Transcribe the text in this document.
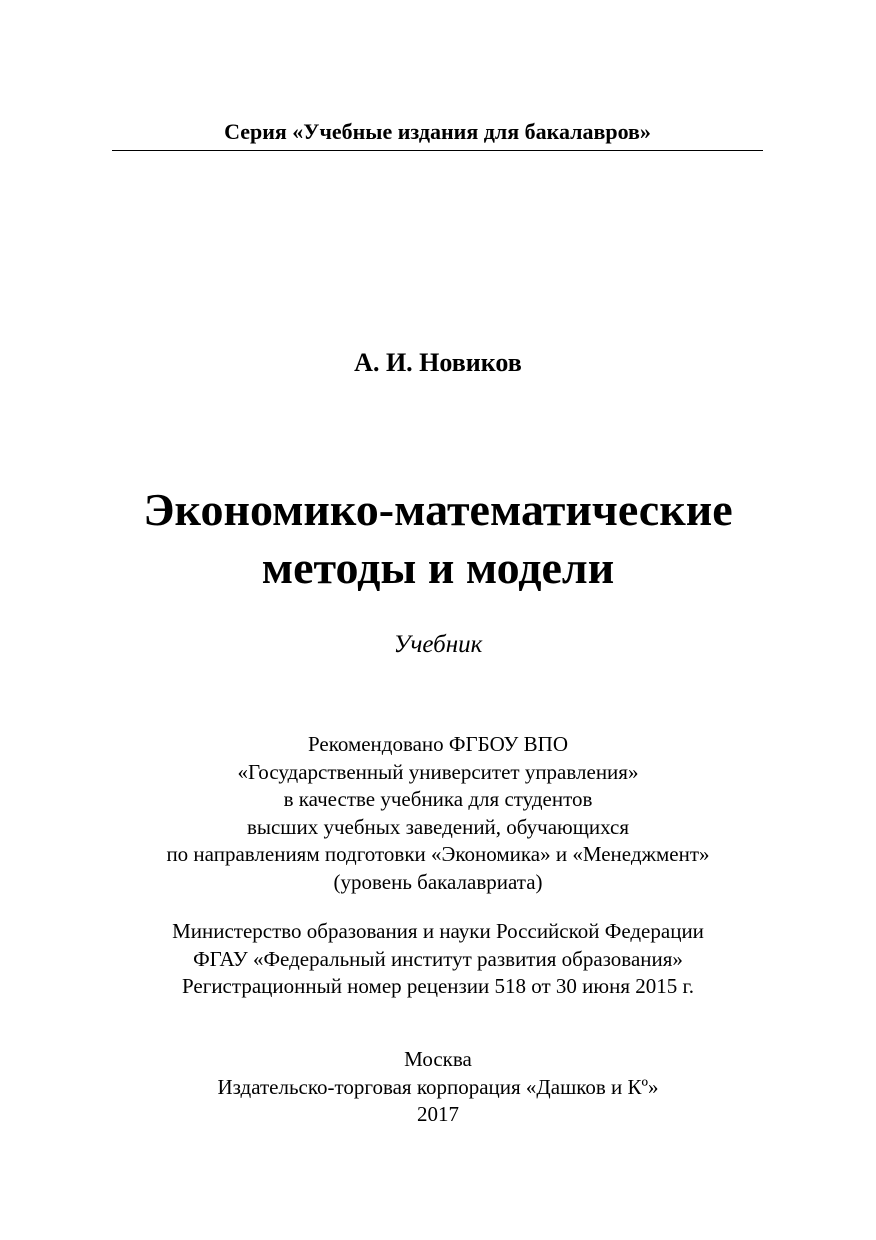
Серия «Учебные издания для бакалавров»
А. И. Новиков
Экономико-математические
методы и модели
Учебник
Рекомендовано ФГБОУ ВПО
«Государственный университет управления»
в качестве учебника для студентов
высших учебных заведений, обучающихся
по направлениям подготовки «Экономика» и «Менеджмент»
(уровень бакалавриата)
Министерство образования и науки Российской Федерации
ФГАУ «Федеральный институт развития образования»
Регистрационный номер рецензии 518 от 30 июня 2015 г.
Москва
Издательско-торговая корпорация «Дашков и Кº»
2017
